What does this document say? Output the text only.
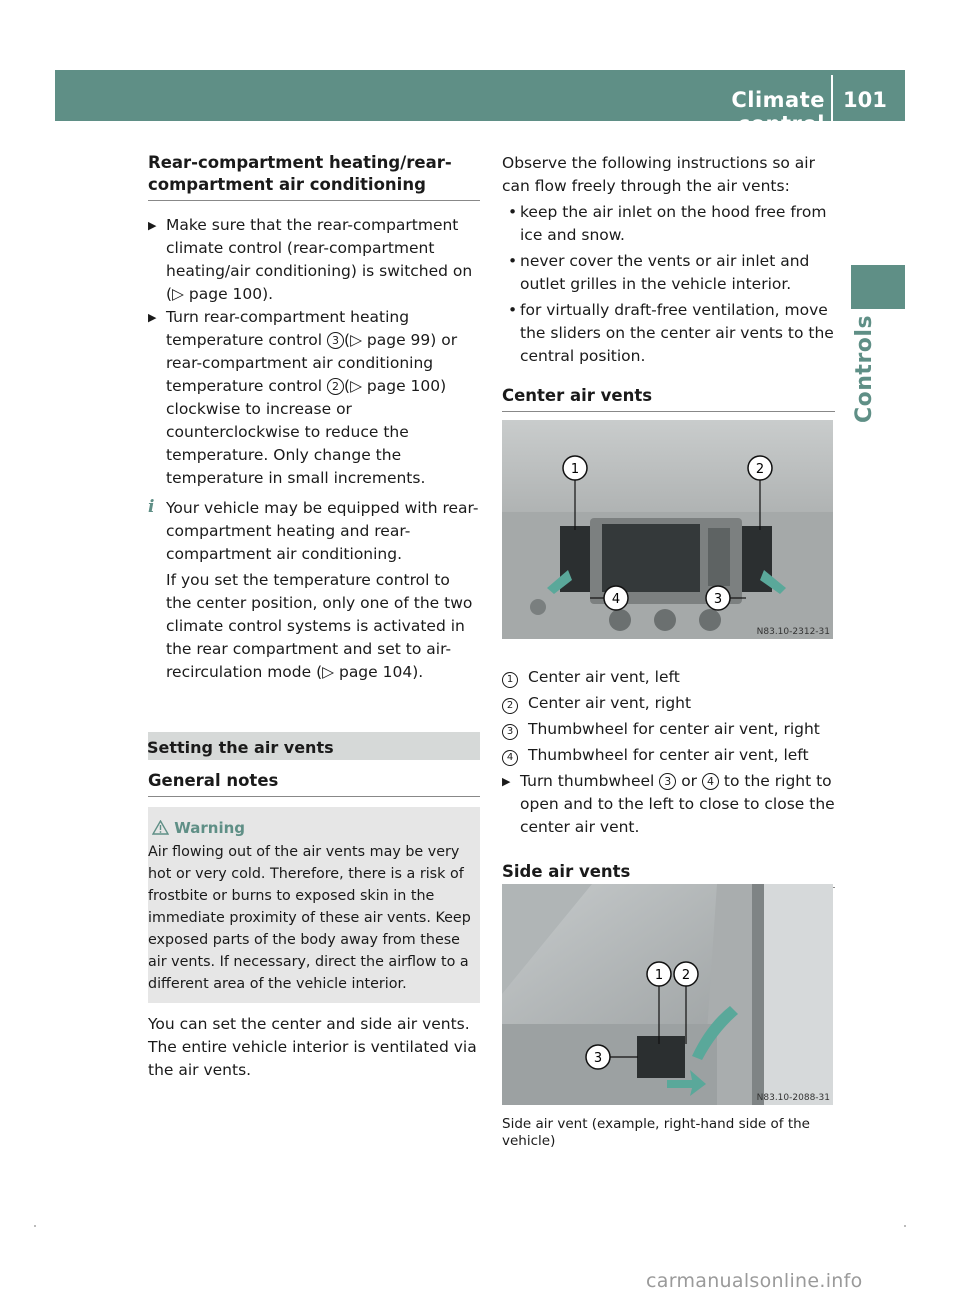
Climate control
101
Controls
Rear-compartment heating/rear-compartment air conditioning
▶ Make sure that the rear-compartment climate control (rear-compartment heating/air conditioning) is switched on (▷ page 100).
▶ Turn rear-compartment heating temperature control 3 (▷ page 99) or rear-compartment air conditioning temperature control 2 (▷ page 100) clockwise to increase or counterclockwise to reduce the temperature. Only change the temperature in small increments.
i Your vehicle may be equipped with rear-compartment heating and rear-compartment air conditioning.
If you set the temperature control to the center position, only one of the two climate control systems is activated in the rear compartment and set to air-recirculation mode (▷ page 104).
Setting the air vents
General notes
Warning
Air flowing out of the air vents may be very hot or very cold. Therefore, there is a risk of frostbite or burns to exposed skin in the immediate proximity of these air vents. Keep exposed parts of the body away from these air vents. If necessary, direct the airflow to a different area of the vehicle interior.
You can set the center and side air vents. The entire vehicle interior is ventilated via the air vents.
Observe the following instructions so air can flow freely through the air vents:
• keep the air inlet on the hood free from ice and snow.
• never cover the vents or air inlet and outlet grilles in the vehicle interior.
• for virtually draft-free ventilation, move the sliders on the center air vents to the central position.
Center air vents
1 Center air vent, left
2 Center air vent, right
3 Thumbwheel for center air vent, right
4 Thumbwheel for center air vent, left
▶ Turn thumbwheel 3 or 4 to the right to open and to the left to close to close the center air vent.
Side air vents
1	2
3
4
N83.10-2312-31
1 2
3
N83.10-2088-31
Side air vent (example, right-hand side of the vehicle)
carmanualsonline.info
